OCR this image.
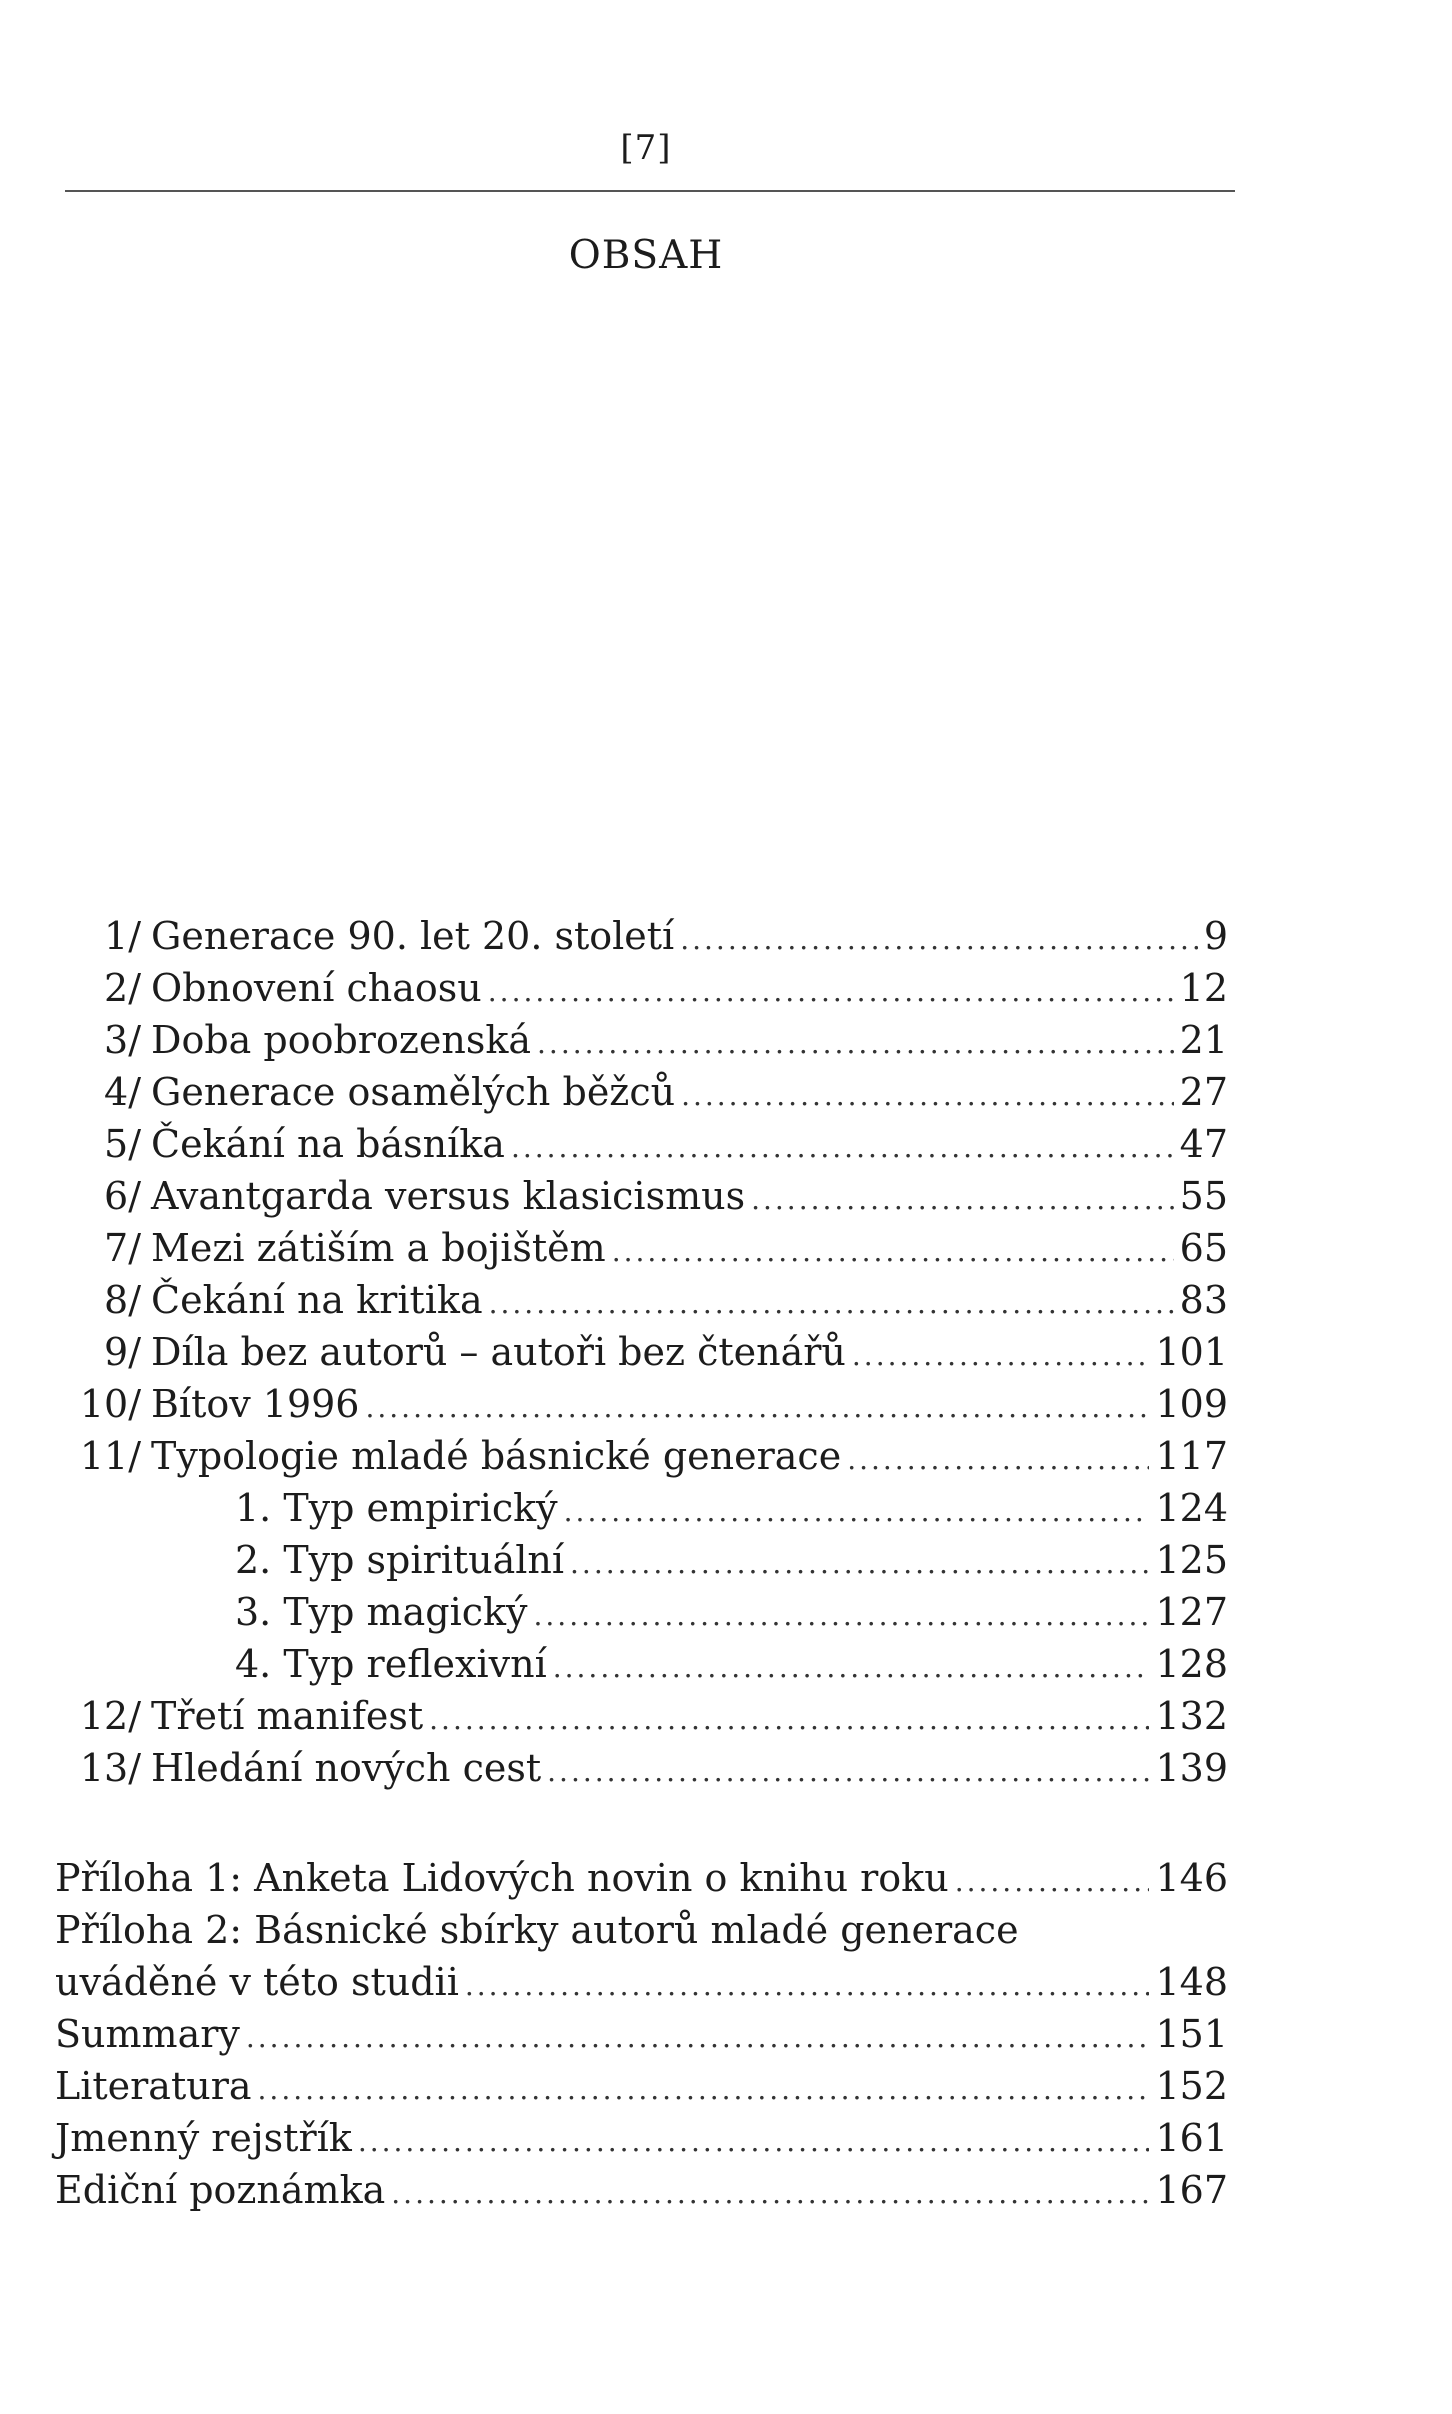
[7]
OBSAH
1/ Generace 90. let 20. století .....	9
2/ Obnovení chaosu .....	12
3/ Doba poobrozenská .....	21
4/ Generace osamělých běžců .....	27
5/ Čekání na básníka .....	47
6/ Avantgarda versus klasicismus .....	55
7/ Mezi zátiším a bojištěm .....	65
8/ Čekání na kritika .....	83
9/ Díla bez autorů – autoři bez čtenářů .....	101
10/ Bítov 1996 .....	109
11/ Typologie mladé básnické generace .....	117
1. Typ empirický .....	124
2. Typ spirituální .....	125
3. Typ magický .....	127
4. Typ reflexivní .....	128
12/ Třetí manifest .....	132
13/ Hledání nových cest .....	139
Příloha 1: Anketa Lidových novin o knihu roku .....	146
Příloha 2: Básnické sbírky autorů mladé generace
uváděné v této studii .....	148
Summary .....	151
Literatura .....	152
Jmenný rejstřík .....	161
Ediční poznámka .....	167
